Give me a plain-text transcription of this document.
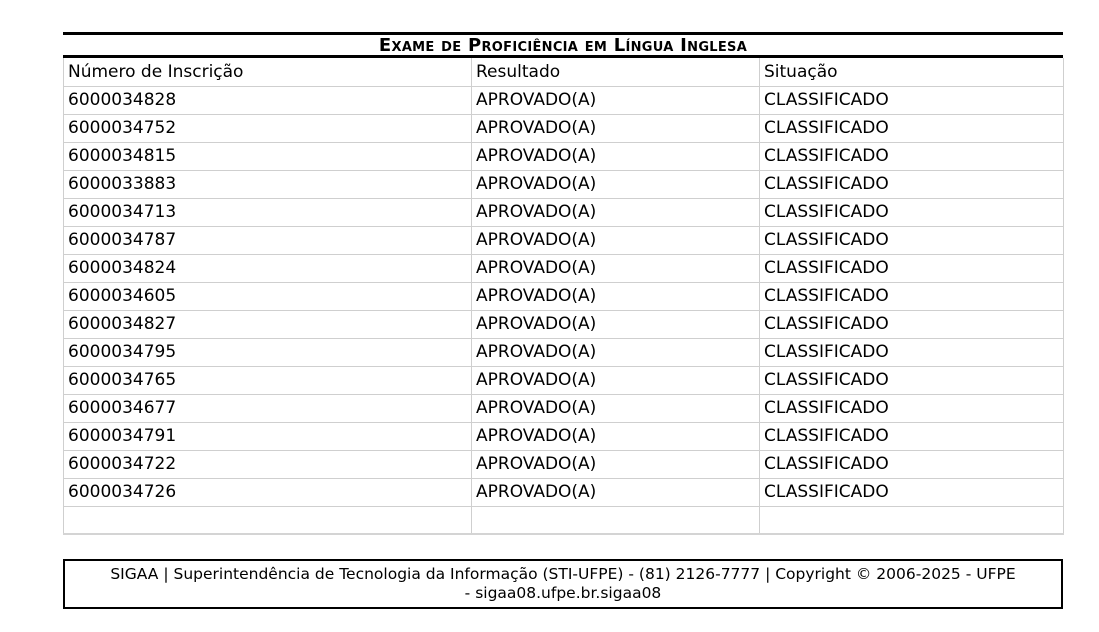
Exame de Proficiência em Língua Inglesa
Número de Inscrição	Resultado	Situação
6000034828	APROVADO(A)	CLASSIFICADO
6000034752	APROVADO(A)	CLASSIFICADO
6000034815	APROVADO(A)	CLASSIFICADO
6000033883	APROVADO(A)	CLASSIFICADO
6000034713	APROVADO(A)	CLASSIFICADO
6000034787	APROVADO(A)	CLASSIFICADO
6000034824	APROVADO(A)	CLASSIFICADO
6000034605	APROVADO(A)	CLASSIFICADO
6000034827	APROVADO(A)	CLASSIFICADO
6000034795	APROVADO(A)	CLASSIFICADO
6000034765	APROVADO(A)	CLASSIFICADO
6000034677	APROVADO(A)	CLASSIFICADO
6000034791	APROVADO(A)	CLASSIFICADO
6000034722	APROVADO(A)	CLASSIFICADO
6000034726	APROVADO(A)	CLASSIFICADO

SIGAA | Superintendência de Tecnologia da Informação (STI-UFPE) - (81) 2126-7777 | Copyright © 2006-2025 - UFPE
- sigaa08.ufpe.br.sigaa08
